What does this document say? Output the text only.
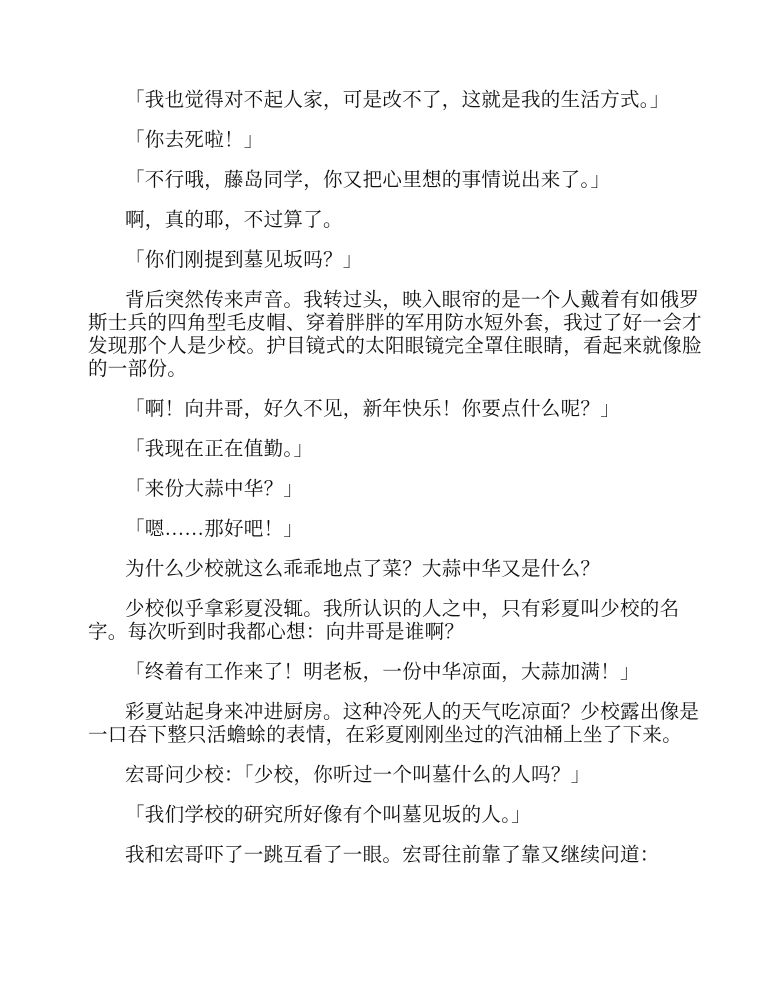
「我也觉得对不起人家，可是改不了，这就是我的生活方式。」
「你去死啦！」
「不行哦，藤岛同学，你又把心里想的事情说出来了。」
啊，真的耶，不过算了。
「你们刚提到墓见坂吗？」
背后突然传来声音。我转过头，映入眼帘的是一个人戴着有如俄罗
斯士兵的四角型毛皮帽、穿着胖胖的军用防水短外套，我过了好一会才
发现那个人是少校。护目镜式的太阳眼镜完全罩住眼睛，看起来就像脸
的一部份。
「啊！向井哥，好久不见，新年快乐！你要点什么呢？」
「我现在正在值勤。」
「来份大蒜中华？」
「嗯……那好吧！」
为什么少校就这么乖乖地点了菜？大蒜中华又是什么？
少校似乎拿彩夏没辄。我所认识的人之中，只有彩夏叫少校的名
字。每次听到时我都心想：向井哥是谁啊？
「终着有工作来了！明老板，一份中华凉面，大蒜加满！」
彩夏站起身来冲进厨房。这种冷死人的天气吃凉面？少校露出像是
一口吞下整只活蟾蜍的表情，在彩夏刚刚坐过的汽油桶上坐了下来。
宏哥问少校：「少校，你听过一个叫墓什么的人吗？」
「我们学校的研究所好像有个叫墓见坂的人。」
我和宏哥吓了一跳互看了一眼。宏哥往前靠了靠又继续问道：
